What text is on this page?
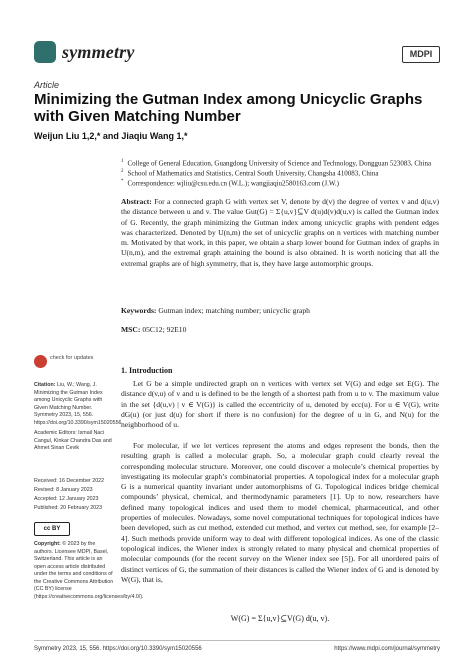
symmetry	MDPI
Article
Minimizing the Gutman Index among Unicyclic Graphs with Given Matching Number
Weijun Liu 1,2,* and Jiaqiu Wang 1,*
$^1$ College of General Education, Guangdong University of Science and Technology, Dongguan 523083, China
$^2$ School of Mathematics and Statistics, Central South University, Changsha 410083, China
* Correspondence: wjliu@csu.edu.cn (W.L.); wangjiaqiu2580163.com (J.W.)
Abstract: For a connected graph G with vertex set V, denote by d(v) the degree of vertex v and d(u,v) the distance between u and v. The value Gut(G) = Σ{u,v}⊆V d(u)d(v)d(u,v) is called the Gutman index of G. Recently, the graph minimizing the Gutman index among unicyclic graphs with pendent edges was characterized. Denoted by U(n,m) the set of unicyclic graphs on n vertices with matching number m. Motivated by that work, in this paper, we obtain a sharp lower bound for Gutman index of graphs in U(n,m), and the extremal graph attaining the bound is also obtained. It is worth noticing that all the extremal graphs are of high symmetry, that is, they have large automorphic groups.
Keywords: Gutman index; matching number; unicyclic graph
MSC: 05C12; 92E10
1. Introduction
Let G be a simple undirected graph on n vertices with vertex set V(G) and edge set E(G). The distance d(v,u) of v and u is defined to be the length of a shortest path from u to v. The maximum value in the set {d(u,v) | v ∈ V(G)} is called the eccentricity of u, denoted by ecc(u). For u ∈ V(G), write dG(u) (or just d(u) for short if there is no confusion) for the degree of u in G, and N(u) for the neighborhood of u.
For molecular, if we let vertices represent the atoms and edges represent the bonds, then the resulting graph is called a molecular graph. So, a molecular graph could clearly reveal the corresponding molecular structure. Moreover, one could discover a molecule’s chemical properties by investigating its molecular graph’s combinatorial properties. A topological index for a molecular graph G is a numerical quantity invariant under automorphisms of G. Topological indices bridge chemical compounds’ physical, chemical, and thermodynamic parameters [1]. Up to now, researchers have defined many topological indices and used them to model chemical, pharmaceutical, and other properties of molecules. Nowadays, some novel computational techniques for topological indices have been developed, such as cut method, extended cut method, and vertex cut method, see, for example [2–4]. Such methods provide uniform way to deal with different topological indices. As one of the classic topological indices, the Wiener index is strongly related to many physical and chemical properties of molecular compounds (for the recent survey on the Wiener index see [5]). For all unordered pairs of distinct vertices of G, the summation of their distances is called the Wiener index of G and is denoted by W(G), that is,
W(G) = Σ{u,v}⊆V(G) d(u, v).
check for updates
Citation: Liu, W.; Wang, J. Minimizing the Gutman Index among Unicyclic Graphs with Given Matching Number. Symmetry 2023, 15, 556. https://doi.org/10.3390/sym15020556
Academic Editors: Ismail Naci Cangul, Kinkar Chandra Das and Ahmet Sinan Cevik
Received: 16 December 2022
Revised: 8 January 2023
Accepted: 12 January 2023
Published: 20 February 2023
cc BY
Copyright: © 2023 by the authors. Licensee MDPI, Basel, Switzerland. This article is an open access article distributed under the terms and conditions of the Creative Commons Attribution (CC BY) license (https://creativecommons.org/licenses/by/4.0/).
Symmetry 2023, 15, 556. https://doi.org/10.3390/sym15020556	https://www.mdpi.com/journal/symmetry
